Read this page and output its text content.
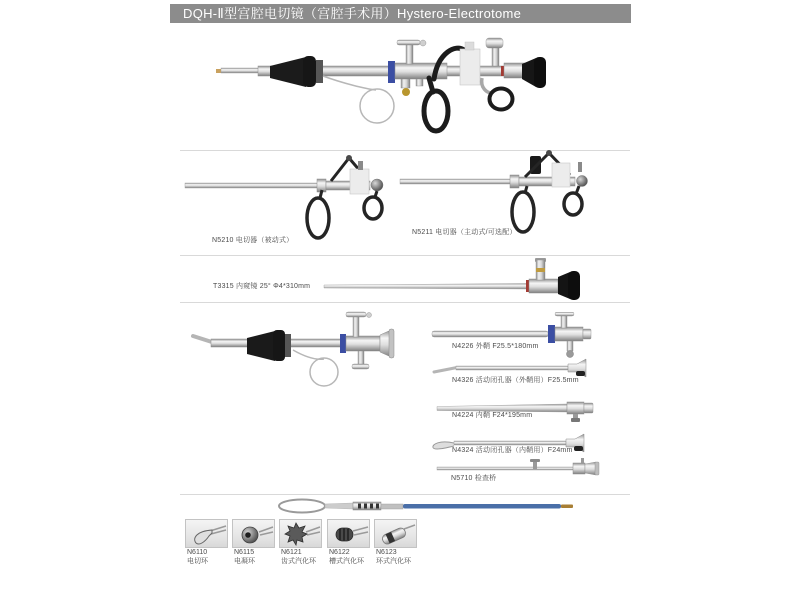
DQH-Ⅱ型宫腔电切镜（宫腔手术用）Hystero-Electrotome
N5210 电切器（被动式）
N5211 电切器（主动式/可选配）
T3315 内窥镜 25° Φ4*310mm
N4226 外鞘 F25.5*180mm
N4326 活动闭孔器（外鞘用）F25.5mm
N4224 内鞘 F24*195mm
N4324 活动闭孔器（内鞘用）F24mm
N5710 检查桥
N6110
电切环
N6115
电凝环
N6121
齿式汽化环
N6122
槽式汽化环
N6123
环式汽化环
